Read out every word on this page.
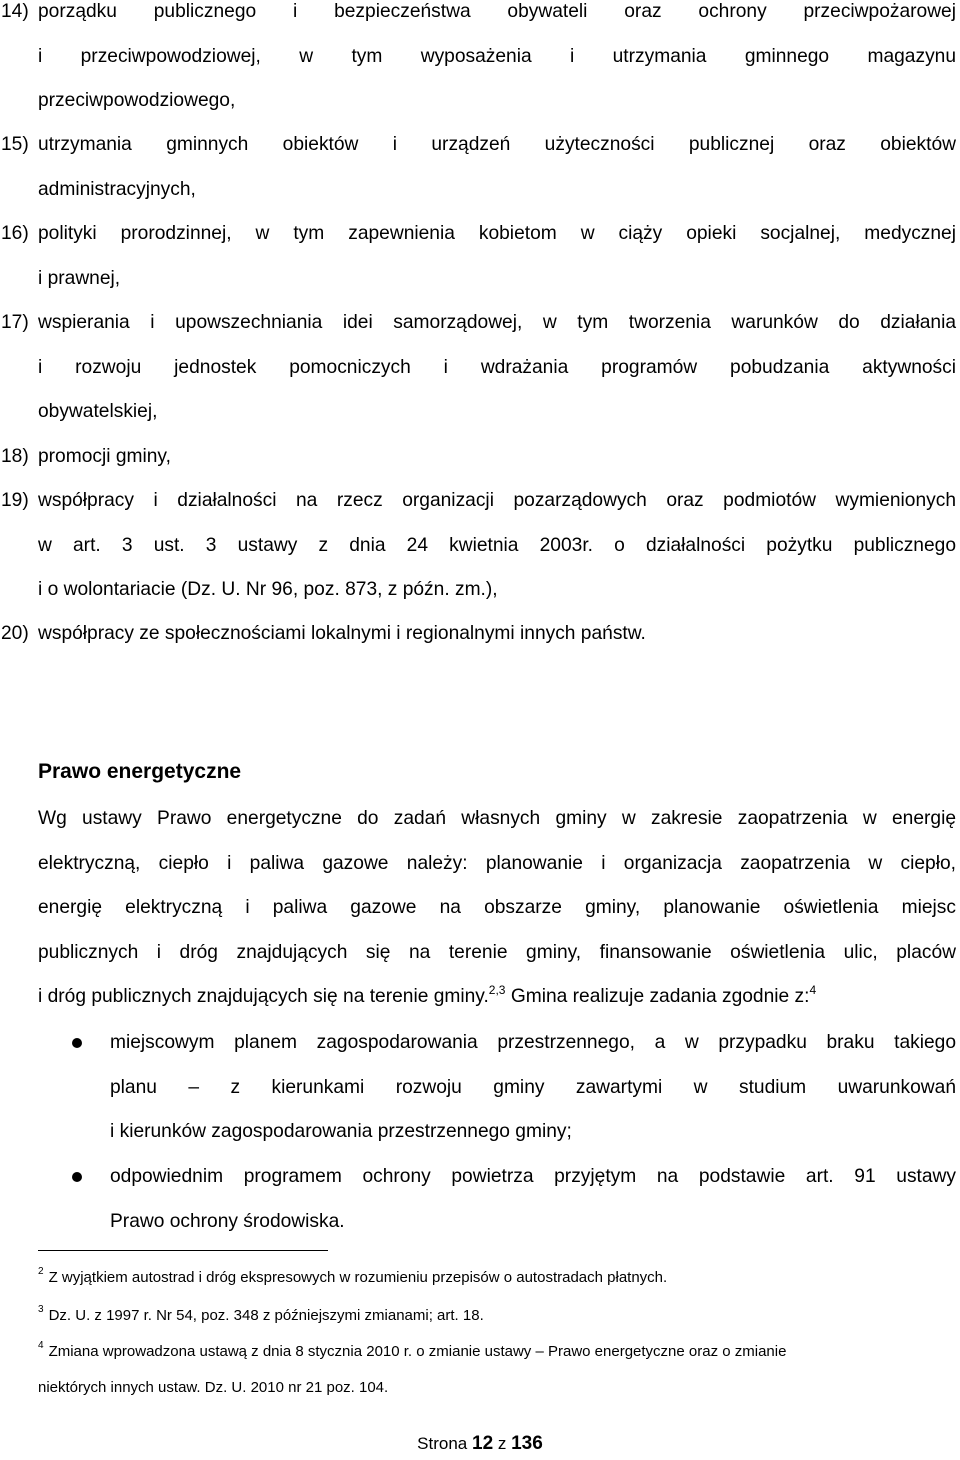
14) porządku publicznego i bezpieczeństwa obywateli oraz ochrony przeciwpożarowej
i przeciwpowodziowej, w tym wyposażenia i utrzymania gminnego magazynu
przeciwpowodziowego,
15) utrzymania gminnych obiektów i urządzeń użyteczności publicznej oraz obiektów
administracyjnych,
16) polityki prorodzinnej, w tym zapewnienia kobietom w ciąży opieki socjalnej, medycznej
i prawnej,
17) wspierania i upowszechniania idei samorządowej, w tym tworzenia warunków do działania
i rozwoju jednostek pomocniczych i wdrażania programów pobudzania aktywności
obywatelskiej,
18) promocji gminy,
19) współpracy i działalności na rzecz organizacji pozarządowych oraz podmiotów wymienionych
w art. 3 ust. 3 ustawy z dnia 24 kwietnia 2003r. o działalności pożytku publicznego
i o wolontariacie (Dz. U. Nr 96, poz. 873, z późn. zm.),
20) współpracy ze społecznościami lokalnymi i regionalnymi innych państw.
Prawo energetyczne
Wg ustawy Prawo energetyczne do zadań własnych gminy w zakresie zaopatrzenia w energię
elektryczną, ciepło i paliwa gazowe należy: planowanie i organizacja zaopatrzenia w ciepło,
energię elektryczną i paliwa gazowe na obszarze gminy, planowanie oświetlenia miejsc
publicznych i dróg znajdujących się na terenie gminy, finansowanie oświetlenia ulic, placów
i dróg publicznych znajdujących się na terenie gminy.$^{2,3}$ Gmina realizuje zadania zgodnie z:$^4$
miejscowym planem zagospodarowania przestrzennego, a w przypadku braku takiego
planu – z kierunkami rozwoju gminy zawartymi w studium uwarunkowań
i kierunków zagospodarowania przestrzennego gminy;
odpowiednim programem ochrony powietrza przyjętym na podstawie art. 91 ustawy
Prawo ochrony środowiska.
$^2$ Z wyjątkiem autostrad i dróg ekspresowych w rozumieniu przepisów o autostradach płatnych.
$^3$ Dz. U. z 1997 r. Nr 54, poz. 348 z późniejszymi zmianami; art. 18.
$^4$ Zmiana wprowadzona ustawą z dnia 8 stycznia 2010 r. o zmianie ustawy – Prawo energetyczne oraz o zmianie
niektórych innych ustaw. Dz. U. 2010 nr 21 poz. 104.
Strona 12 z 136
